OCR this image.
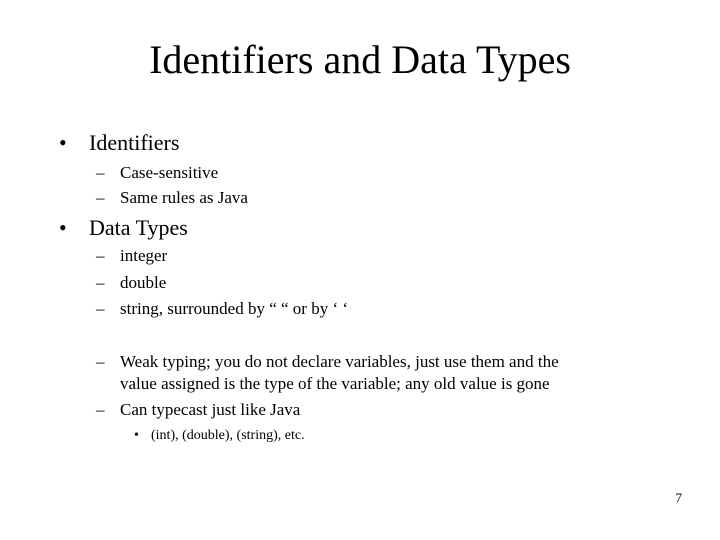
Identifiers and Data Types
• Identifiers
– Case-sensitive
– Same rules as Java
• Data Types
– integer
– double
– string, surrounded by “ “ or by ‘ ‘
– Weak typing; you do not declare variables, just use them and the
value assigned is the type of the variable; any old value is gone
– Can typecast just like Java
• (int), (double), (string), etc.
7
